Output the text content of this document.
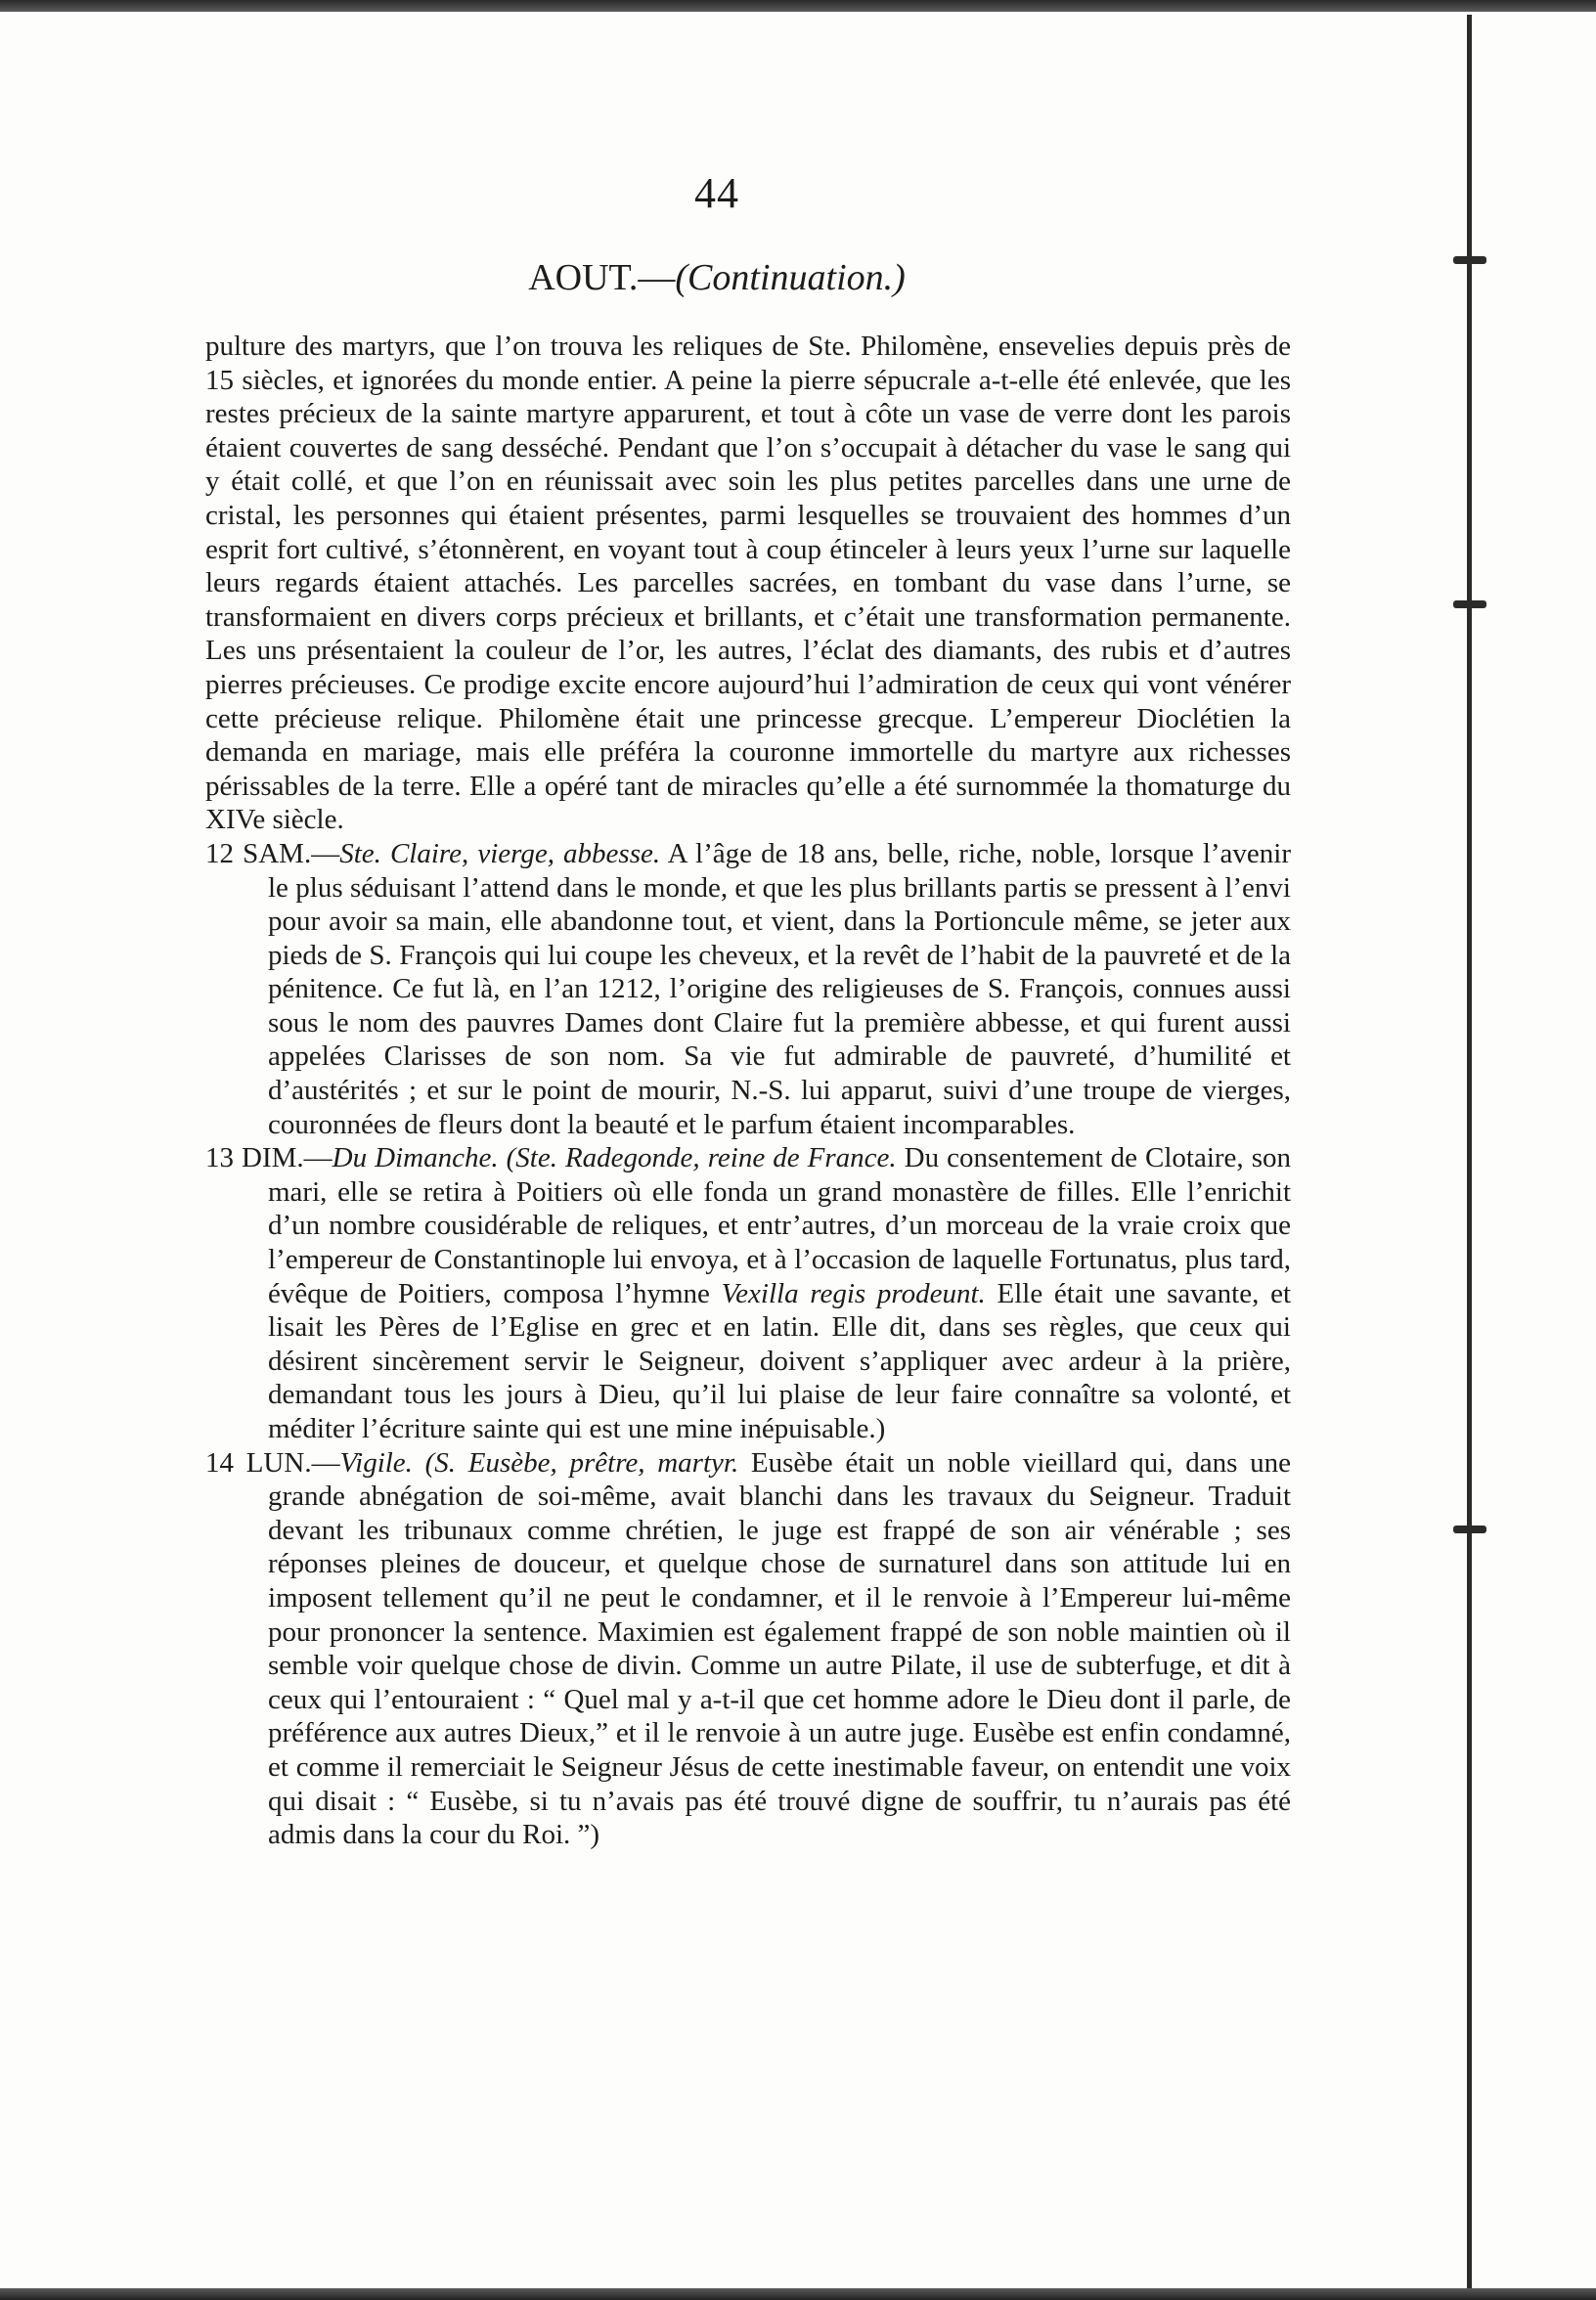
44
AOUT.—(Continuation.)

pulture des martyrs, que l’on trouva les reliques de Ste. Philomène, ensevelies depuis près de 15 siècles, et ignorées du monde entier. A peine la pierre sépucrale a-t-elle été enlevée, que les restes précieux de la sainte martyre apparurent, et tout à côte un vase de verre dont les parois étaient couvertes de sang desséché. Pendant que l’on s’occupait à détacher du vase le sang qui y était collé, et que l’on en réunissait avec soin les plus petites parcelles dans une urne de cristal, les personnes qui étaient présentes, parmi lesquelles se trouvaient des hommes d’un esprit fort cultivé, s’étonnèrent, en voyant tout à coup étinceler à leurs yeux l’urne sur laquelle leurs regards étaient attachés. Les parcelles sacrées, en tombant du vase dans l’urne, se transformaient en divers corps précieux et brillants, et c’était une transformation permanente. Les uns présentaient la couleur de l’or, les autres, l’éclat des diamants, des rubis et d’autres pierres précieuses. Ce prodige excite encore aujourd’hui l’admiration de ceux qui vont vénérer cette précieuse relique. Philomène était une princesse grecque. L’empereur Dioclétien la demanda en mariage, mais elle préféra la couronne immortelle du martyre aux richesses périssables de la terre. Elle a opéré tant de miracles qu’elle a été surnommée la thomaturge du XIVe siècle.

12 SAM.—Ste. Claire, vierge, abbesse. A l’âge de 18 ans, belle, riche, noble, lorsque l’avenir le plus séduisant l’attend dans le monde, et que les plus brillants partis se pressent à l’envi pour avoir sa main, elle abandonne tout, et vient, dans la Portioncule même, se jeter aux pieds de S. François qui lui coupe les cheveux, et la revêt de l’habit de la pauvreté et de la pénitence. Ce fut là, en l’an 1212, l’origine des religieuses de S. François, connues aussi sous le nom des pauvres Dames dont Claire fut la première abbesse, et qui furent aussi appelées Clarisses de son nom. Sa vie fut admirable de pauvreté, d’humilité et d’austérités ; et sur le point de mourir, N.-S. lui apparut, suivi d’une troupe de vierges, couronnées de fleurs dont la beauté et le parfum étaient incomparables.

13 DIM.—Du Dimanche. (Ste. Radegonde, reine de France. Du consentement de Clotaire, son mari, elle se retira à Poitiers où elle fonda un grand monastère de filles. Elle l’enrichit d’un nombre cousidérable de reliques, et entr’autres, d’un morceau de la vraie croix que l’empereur de Constantinople lui envoya, et à l’occasion de laquelle Fortunatus, plus tard, évêque de Poitiers, composa l’hymne Vexilla regis prodeunt. Elle était une savante, et lisait les Pères de l’Eglise en grec et en latin. Elle dit, dans ses règles, que ceux qui désirent sincèrement servir le Seigneur, doivent s’appliquer avec ardeur à la prière, demandant tous les jours à Dieu, qu’il lui plaise de leur faire connaître sa volonté, et méditer l’écriture sainte qui est une mine inépuisable.)

14 LUN.—Vigile. (S. Eusèbe, prêtre, martyr. Eusèbe était un noble vieillard qui, dans une grande abnégation de soi-même, avait blanchi dans les travaux du Seigneur. Traduit devant les tribunaux comme chrétien, le juge est frappé de son air vénérable ; ses réponses pleines de douceur, et quelque chose de surnaturel dans son attitude lui en imposent tellement qu’il ne peut le condamner, et il le renvoie à l’Empereur lui-même pour prononcer la sentence. Maximien est également frappé de son noble maintien où il semble voir quelque chose de divin. Comme un autre Pilate, il use de subterfuge, et dit à ceux qui l’entouraient : “ Quel mal y a-t-il que cet homme adore le Dieu dont il parle, de préférence aux autres Dieux,” et il le renvoie à un autre juge. Eusèbe est enfin condamné, et comme il remerciait le Seigneur Jésus de cette inestimable faveur, on entendit une voix qui disait : “ Eusèbe, si tu n’avais pas été trouvé digne de souffrir, tu n’aurais pas été admis dans la cour du Roi. ”)
